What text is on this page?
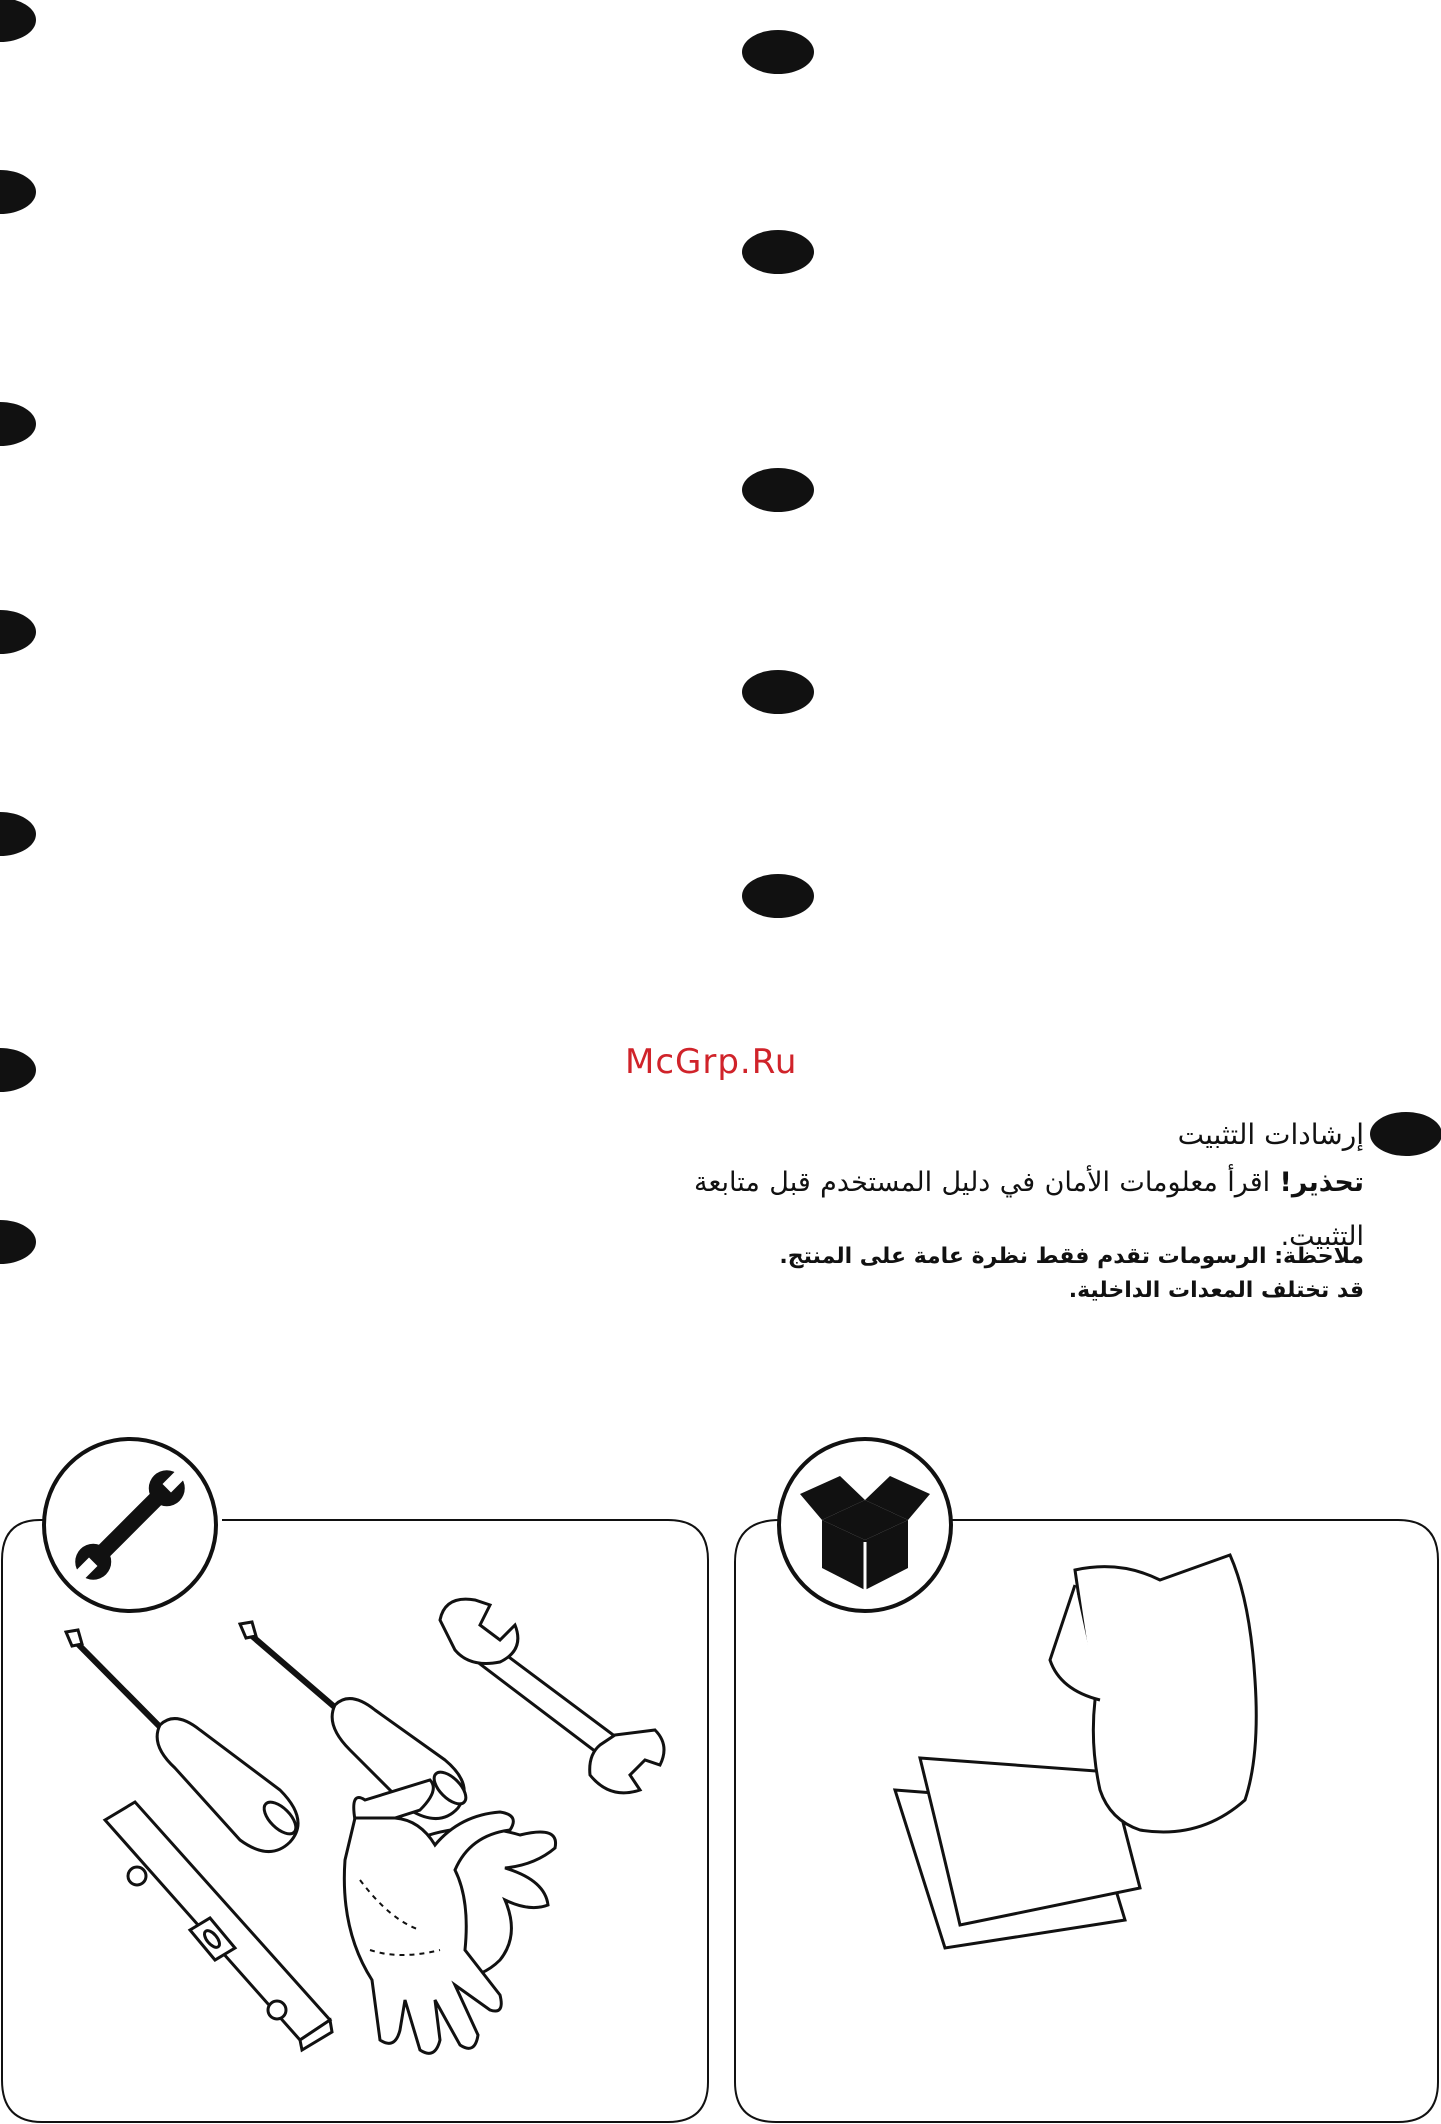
McGrp.Ru
إرشادات التثبيت
تحذير! اقرأ معلومات الأمان في دليل المستخدم قبل متابعة التثبيت.
ملاحظة: الرسومات تقدم فقط نظرة عامة على المنتج.
قد تختلف المعدات الداخلية.
